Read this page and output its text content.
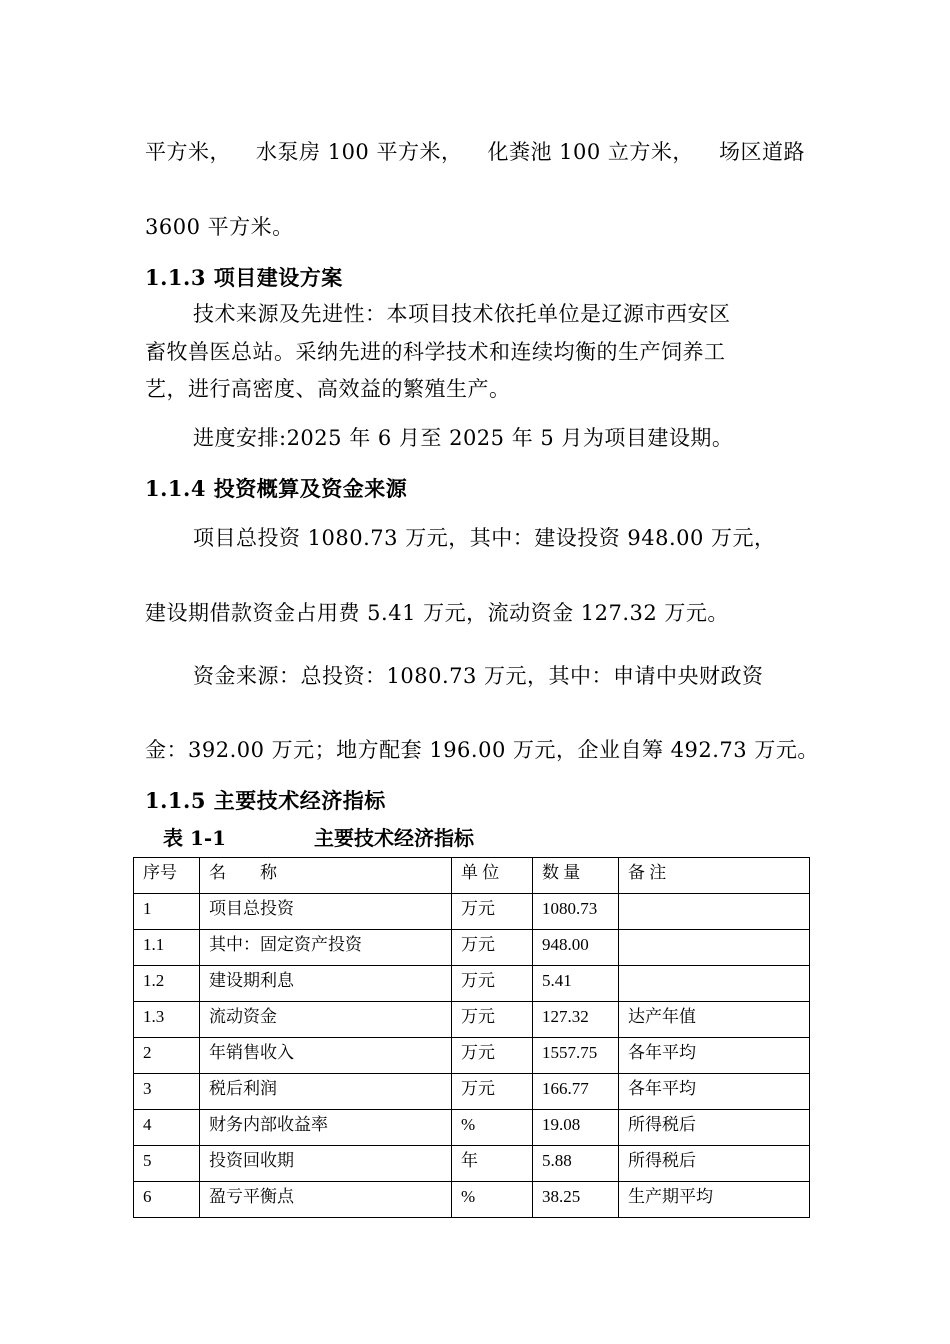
平方米， 水泵房 100 平方米， 化粪池 100 立方米， 场区道路
3600 平方米。
1.1.3 项目建设方案
技术来源及先进性：本项目技术依托单位是辽源市西安区
畜牧兽医总站。采纳先进的科学技术和连续均衡的生产饲养工
艺，进行高密度、高效益的繁殖生产。
进度安排:2025 年 6 月至 2025 年 5 月为项目建设期。
1.1.4 投资概算及资金来源
项目总投资 1080.73 万元，其中：建设投资 948.00 万元，
建设期借款资金占用费 5.41 万元，流动资金 127.32 万元。
资金来源：总投资：1080.73 万元，其中：申请中央财政资
金：392.00 万元；地方配套 196.00 万元，企业自筹 492.73 万元。
1.1.5 主要技术经济指标
表 1-1	主要技术经济指标
序号	名　　称	单 位	数 量	备 注
1	项目总投资	万元	1080.73	
1.1	其中：固定资产投资	万元	948.00	
1.2	建设期利息	万元	5.41	
1.3	流动资金	万元	127.32	达产年值
2	年销售收入	万元	1557.75	各年平均
3	税后利润	万元	166.77	各年平均
4	财务内部收益率	%	19.08	所得税后
5	投资回收期	年	5.88	所得税后
6	盈亏平衡点	%	38.25	生产期平均
